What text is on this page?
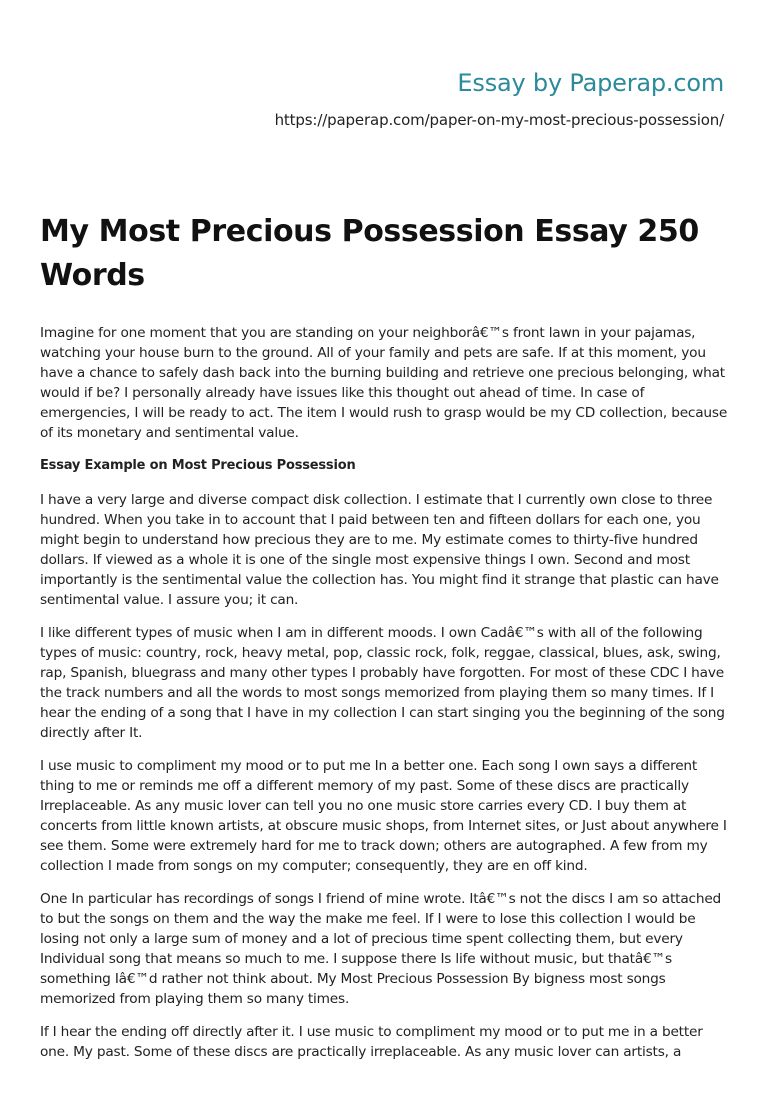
Essay by Paperap.com
https://paperap.com/paper-on-my-most-precious-possession/
My Most Precious Possession Essay 250 Words

Imagine for one moment that you are standing on your neighborâ€™s front lawn in your pajamas, watching your house burn to the ground. All of your family and pets are safe. If at this moment, you have a chance to safely dash back into the burning building and retrieve one precious belonging, what would if be? I personally already have issues like this thought out ahead of time. In case of emergencies, I will be ready to act. The item I would rush to grasp would be my CD collection, because of its monetary and sentimental value.

Essay Example on Most Precious Possession

I have a very large and diverse compact disk collection. I estimate that I currently own close to three hundred. When you take in to account that I paid between ten and fifteen dollars for each one, you might begin to understand how precious they are to me. My estimate comes to thirty-five hundred dollars. If viewed as a whole it is one of the single most expensive things I own. Second and most importantly is the sentimental value the collection has. You might find it strange that plastic can have sentimental value. I assure you; it can.

I like different types of music when I am in different moods. I own Cadâ€™s with all of the following types of music: country, rock, heavy metal, pop, classic rock, folk, reggae, classical, blues, ask, swing, rap, Spanish, bluegrass and many other types I probably have forgotten. For most of these CDC I have the track numbers and all the words to most songs memorized from playing them so many times. If I hear the ending of a song that I have in my collection I can start singing you the beginning of the song directly after It.

I use music to compliment my mood or to put me In a better one. Each song I own says a different thing to me or reminds me off a different memory of my past. Some of these discs are practically Irreplaceable. As any music lover can tell you no one music store carries every CD. I buy them at concerts from little known artists, at obscure music shops, from Internet sites, or Just about anywhere I see them. Some were extremely hard for me to track down; others are autographed. A few from my collection I made from songs on my computer; consequently, they are en off kind.

One In particular has recordings of songs I friend of mine wrote. Itâ€™s not the discs I am so attached to but the songs on them and the way the make me feel. If I were to lose this collection I would be losing not only a large sum of money and a lot of precious time spent collecting them, but every Individual song that means so much to me. I suppose there Is life without music, but thatâ€™s something Iâ€™d rather not think about. My Most Precious Possession By bigness most songs memorized from playing them so many times.

If I hear the ending off directly after it. I use music to compliment my mood or to put me in a better one. My past. Some of these discs are practically irreplaceable. As any music lover can artists, a
